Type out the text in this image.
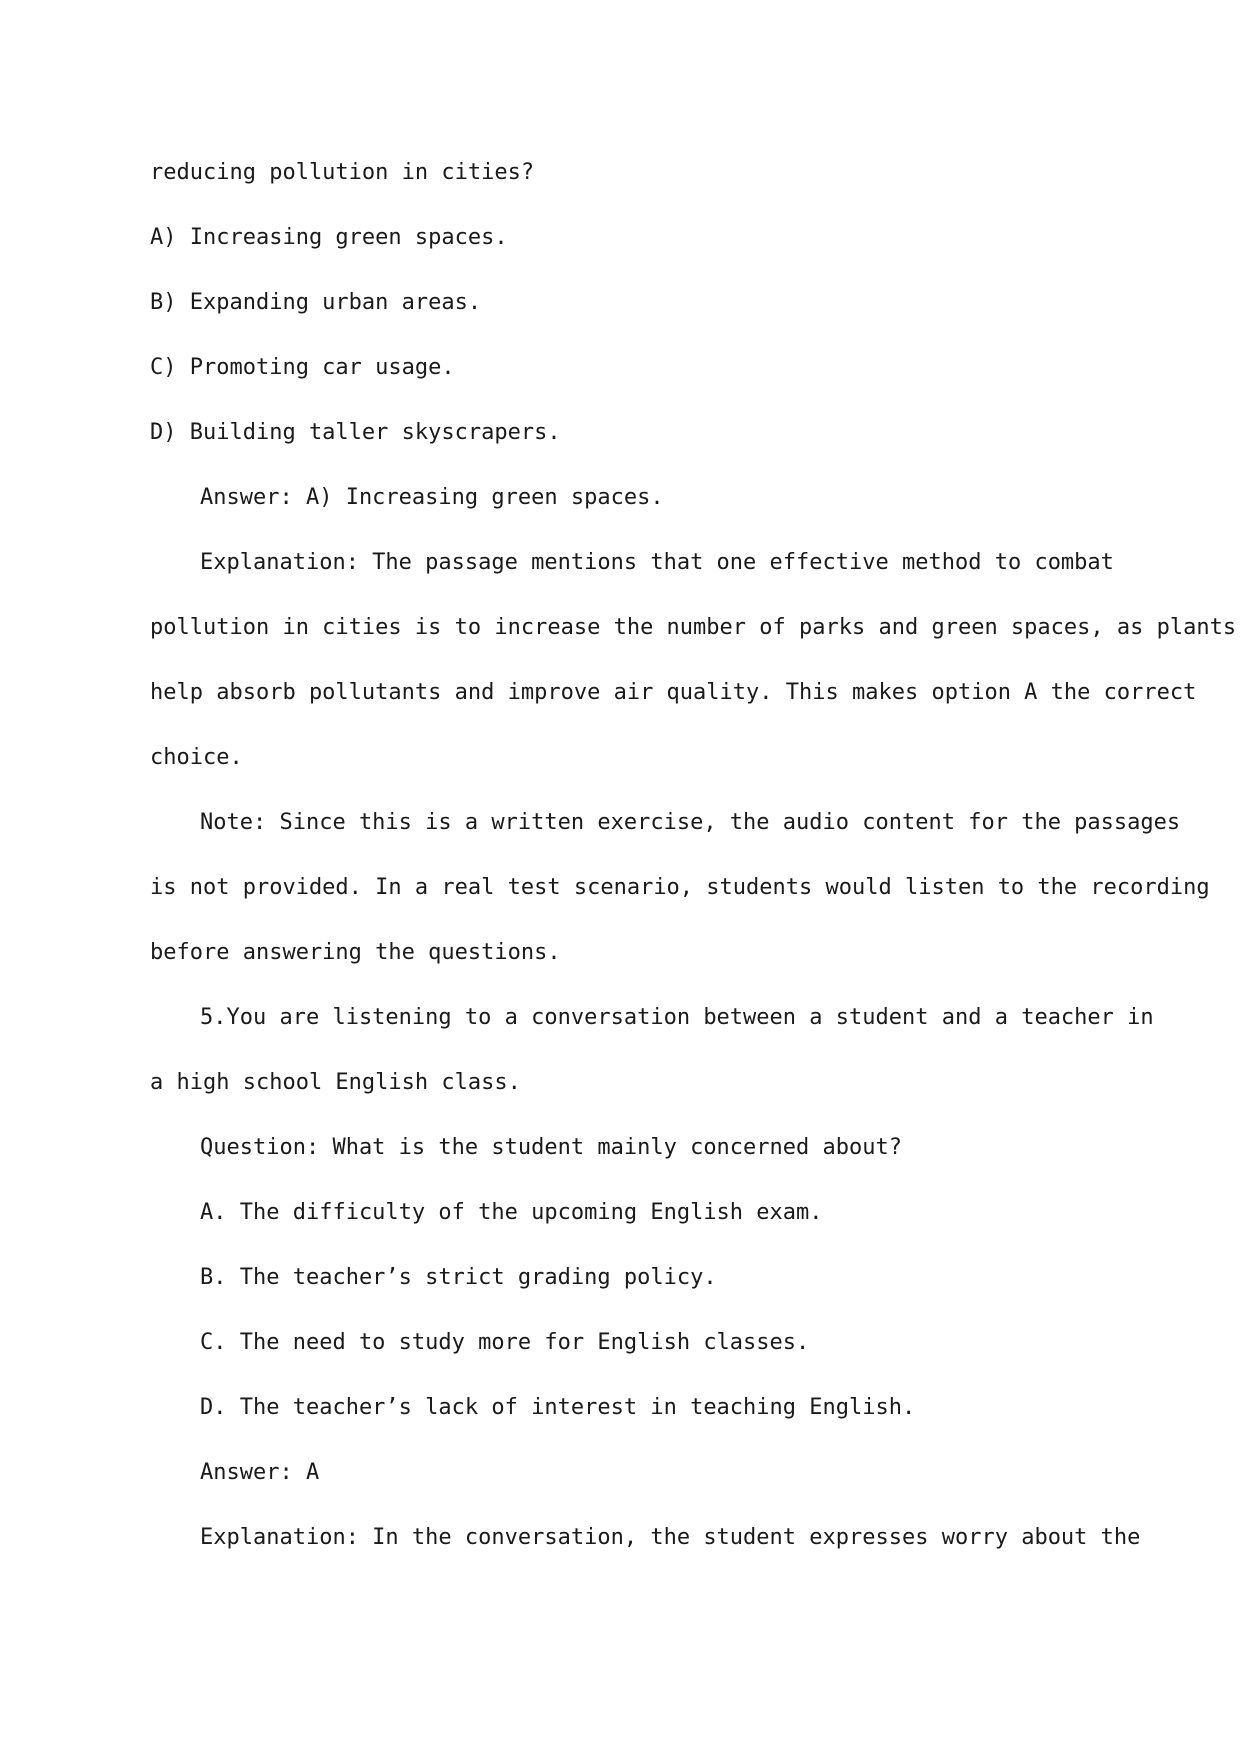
reducing pollution in cities?
A) Increasing green spaces.
B) Expanding urban areas.
C) Promoting car usage.
D) Building taller skyscrapers.
Answer: A) Increasing green spaces.
Explanation: The passage mentions that one effective method to combat
pollution in cities is to increase the number of parks and green spaces, as plants
help absorb pollutants and improve air quality. This makes option A the correct
choice.
Note: Since this is a written exercise, the audio content for the passages
is not provided. In a real test scenario, students would listen to the recording
before answering the questions.
5.You are listening to a conversation between a student and a teacher in
a high school English class.
Question: What is the student mainly concerned about?
A. The difficulty of the upcoming English exam.
B. The teacher’s strict grading policy.
C. The need to study more for English classes.
D. The teacher’s lack of interest in teaching English.
Answer: A
Explanation: In the conversation, the student expresses worry about the
